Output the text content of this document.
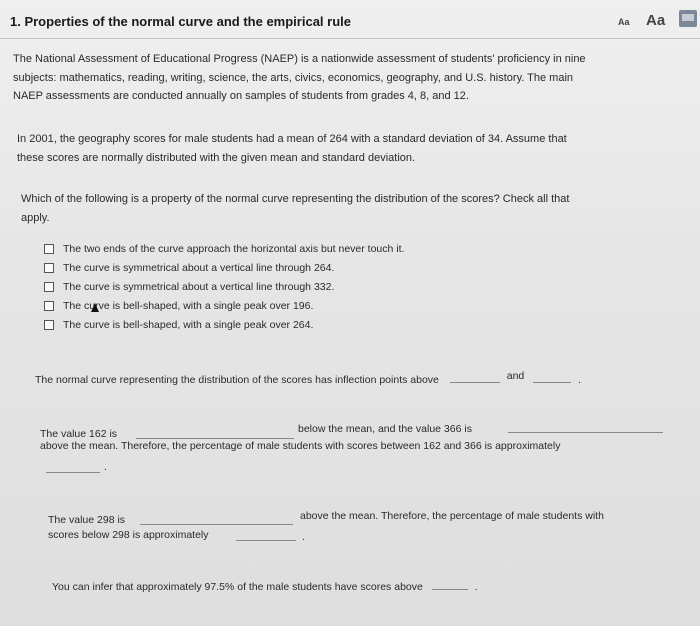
1. Properties of the normal curve and the empirical rule	Aa Aa
The National Assessment of Educational Progress (NAEP) is a nationwide assessment of students' proficiency in nine
subjects: mathematics, reading, writing, science, the arts, civics, economics, geography, and U.S. history. The main
NAEP assessments are conducted annually on samples of students from grades 4, 8, and 12.
In 2001, the geography scores for male students had a mean of 264 with a standard deviation of 34. Assume that
these scores are normally distributed with the given mean and standard deviation.
Which of the following is a property of the normal curve representing the distribution of the scores? Check all that
apply.
The two ends of the curve approach the horizontal axis but never touch it.
The curve is symmetrical about a vertical line through 264.
The curve is symmetrical about a vertical line through 332.
The curve is bell-shaped, with a single peak over 196.
The curve is bell-shaped, with a single peak over 264.
The normal curve representing the distribution of the scores has inflection points above	and	.
The value 162 is	below the mean, and the value 366 is
above the mean. Therefore, the percentage of male students with scores between 162 and 366 is approximately
.
The value 298 is	above the mean. Therefore, the percentage of male students with
scores below 298 is approximately	.
You can infer that approximately 97.5% of the male students have scores above	.
